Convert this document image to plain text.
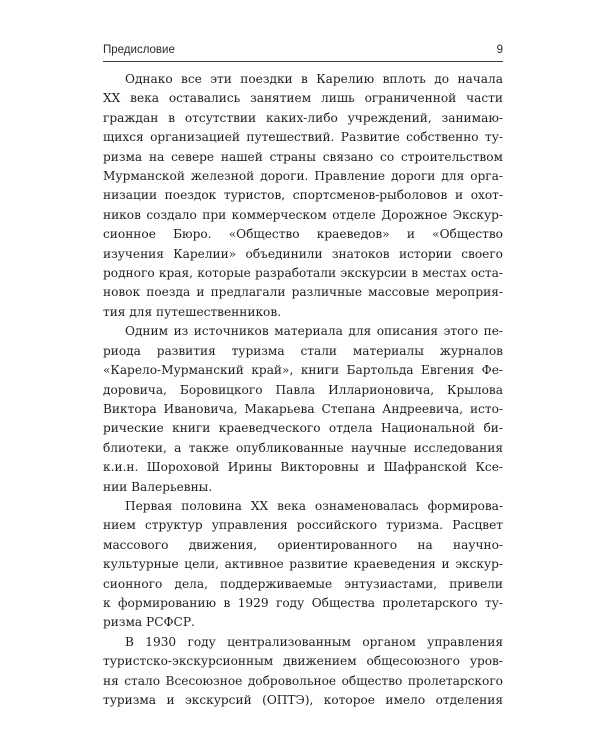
Предисловие	9

Однако все эти поездки в Карелию вплоть до начала
XX века оставались занятием лишь ограниченной части
граждан в отсутствии каких-либо учреждений, занимаю-
щихся организацией путешествий. Развитие собственно ту-
ризма на севере нашей страны связано со строительством
Мурманской железной дороги. Правление дороги для орга-
низации поездок туристов, спортсменов-рыболовов и охот-
ников создало при коммерческом отделе Дорожное Экскур-
сионное Бюро. «Общество краеведов» и «Общество
изучения Карелии» объединили знатоков истории своего
родного края, которые разработали экскурсии в местах оста-
новок поезда и предлагали различные массовые мероприя-
тия для путешественников.

Одним из источников материала для описания этого пе-
риода развития туризма стали материалы журналов
«Карело-Мурманский край», книги Бартольда Евгения Фе-
доровича, Боровицкого Павла Илларионовича, Крылова
Виктора Ивановича, Макарьева Степана Андреевича, исто-
рические книги краеведческого отдела Национальной би-
блиотеки, а также опубликованные научные исследования
к.и.н. Шороховой Ирины Викторовны и Шафранской Ксе-
нии Валерьевны.

Первая половина XX века ознаменовалась формирова-
нием структур управления российского туризма. Расцвет
массового движения, ориентированного на научно-
культурные цели, активное развитие краеведения и экскур-
сионного дела, поддерживаемые энтузиастами, привели
к формированию в 1929 году Общества пролетарского ту-
ризма РСФСР.

В 1930 году централизованным органом управления
туристско-экскурсионным движением общесоюзного уров-
ня стало Всесоюзное добровольное общество пролетарского
туризма и экскурсий (ОПТЭ), которое имело отделения
